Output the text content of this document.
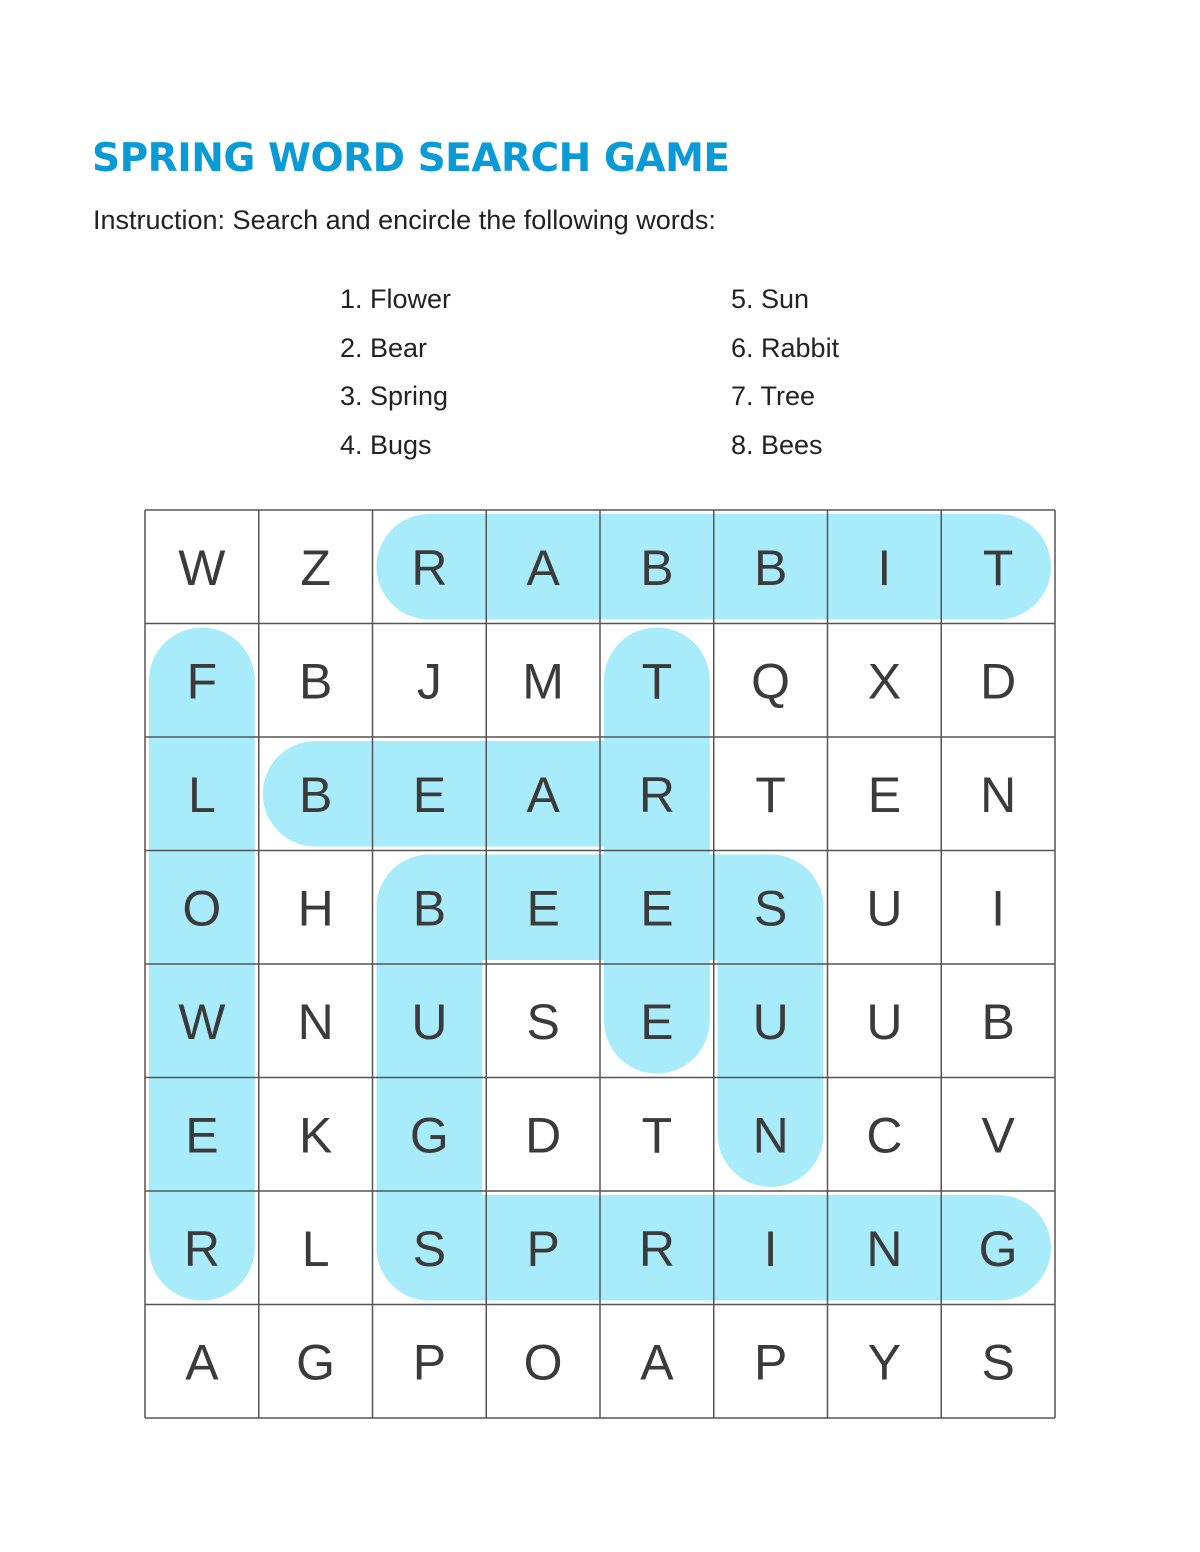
SPRING WORD SEARCH GAME

Instruction: Search and encircle the following words:

1. Flower
2. Bear
3. Spring
4. Bugs
5. Sun
6. Rabbit
7. Tree
8. Bees
W Z R A B B I T
F B J M T Q X D
L B E A R T E N
O H B E E S U I
W N U S E U U B
E K G D T N C V
R L S P R I N G
A G P O A P Y S
